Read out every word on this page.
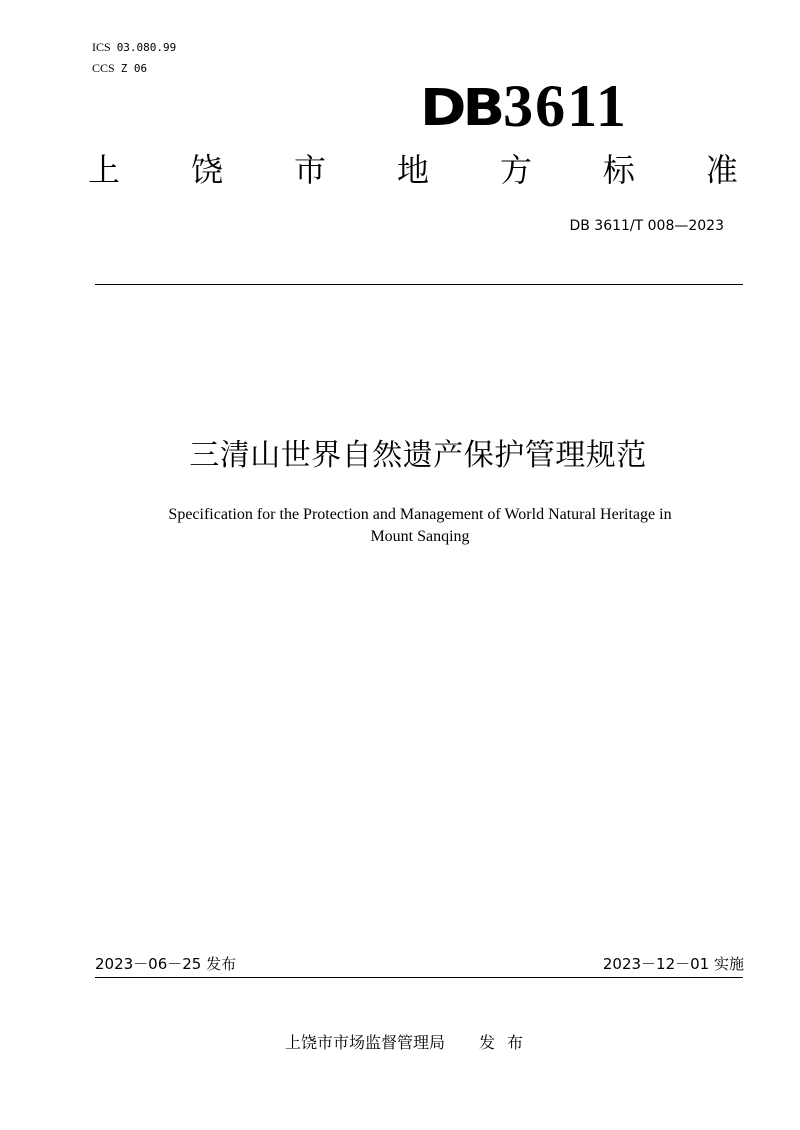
ICS 03.080.99
CCS Z 06
DB 3611
上 饶 市 地 方 标 准
DB 3611/T 008—2023
三清山世界自然遗产保护管理规范
Specification for the Protection and Management of World Natural Heritage in
Mount Sanqing
2023－06－25 发布	2023－12－01 实施
上饶市市场监督管理局 发布
